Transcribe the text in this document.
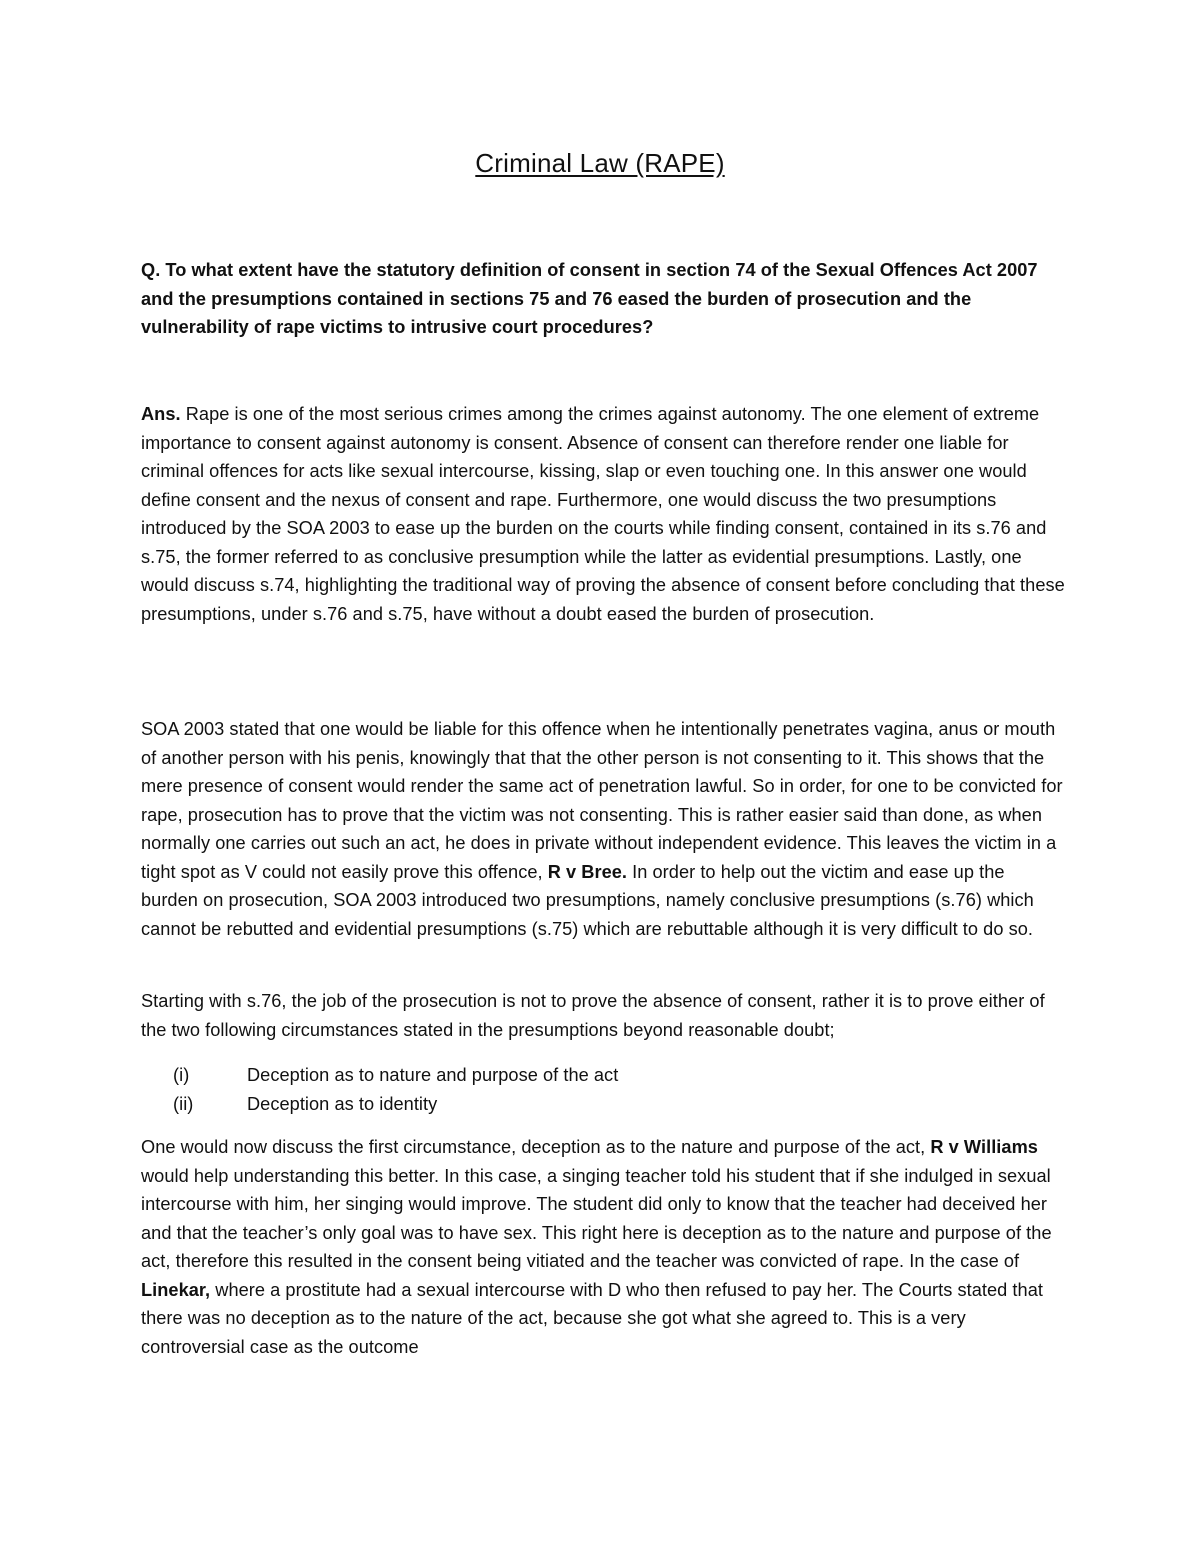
Criminal Law (RAPE)

Q. To what extent have the statutory definition of consent in section 74 of the Sexual Offences Act 2007 and the presumptions contained in sections 75 and 76 eased the burden of prosecution and the vulnerability of rape victims to intrusive court procedures?

Ans. Rape is one of the most serious crimes among the crimes against autonomy. The one element of extreme importance to consent against autonomy is consent. Absence of consent can therefore render one liable for criminal offences for acts like sexual intercourse, kissing, slap or even touching one. In this answer one would define consent and the nexus of consent and rape. Furthermore, one would discuss the two presumptions introduced by the SOA 2003 to ease up the burden on the courts while finding consent, contained in its s.76 and s.75, the former referred to as conclusive presumption while the latter as evidential presumptions. Lastly, one would discuss s.74, highlighting the traditional way of proving the absence of consent before concluding that these presumptions, under s.76 and s.75, have without a doubt eased the burden of prosecution.

SOA 2003 stated that one would be liable for this offence when he intentionally penetrates vagina, anus or mouth of another person with his penis, knowingly that that the other person is not consenting to it. This shows that the mere presence of consent would render the same act of penetration lawful. So in order, for one to be convicted for rape, prosecution has to prove that the victim was not consenting. This is rather easier said than done, as when normally one carries out such an act, he does in private without independent evidence. This leaves the victim in a tight spot as V could not easily prove this offence, R v Bree. In order to help out the victim and ease up the burden on prosecution, SOA 2003 introduced two presumptions, namely conclusive presumptions (s.76) which cannot be rebutted and evidential presumptions (s.75) which are rebuttable although it is very difficult to do so.

Starting with s.76, the job of the prosecution is not to prove the absence of consent, rather it is to prove either of the two following circumstances stated in the presumptions beyond reasonable doubt;

(i)	Deception as to nature and purpose of the act
(ii)	Deception as to identity

One would now discuss the first circumstance, deception as to the nature and purpose of the act, R v Williams would help understanding this better. In this case, a singing teacher told his student that if she indulged in sexual intercourse with him, her singing would improve. The student did only to know that the teacher had deceived her and that the teacher’s only goal was to have sex. This right here is deception as to the nature and purpose of the act, therefore this resulted in the consent being vitiated and the teacher was convicted of rape. In the case of Linekar, where a prostitute had a sexual intercourse with D who then refused to pay her. The Courts stated that there was no deception as to the nature of the act, because she got what she agreed to. This is a very controversial case as the outcome
